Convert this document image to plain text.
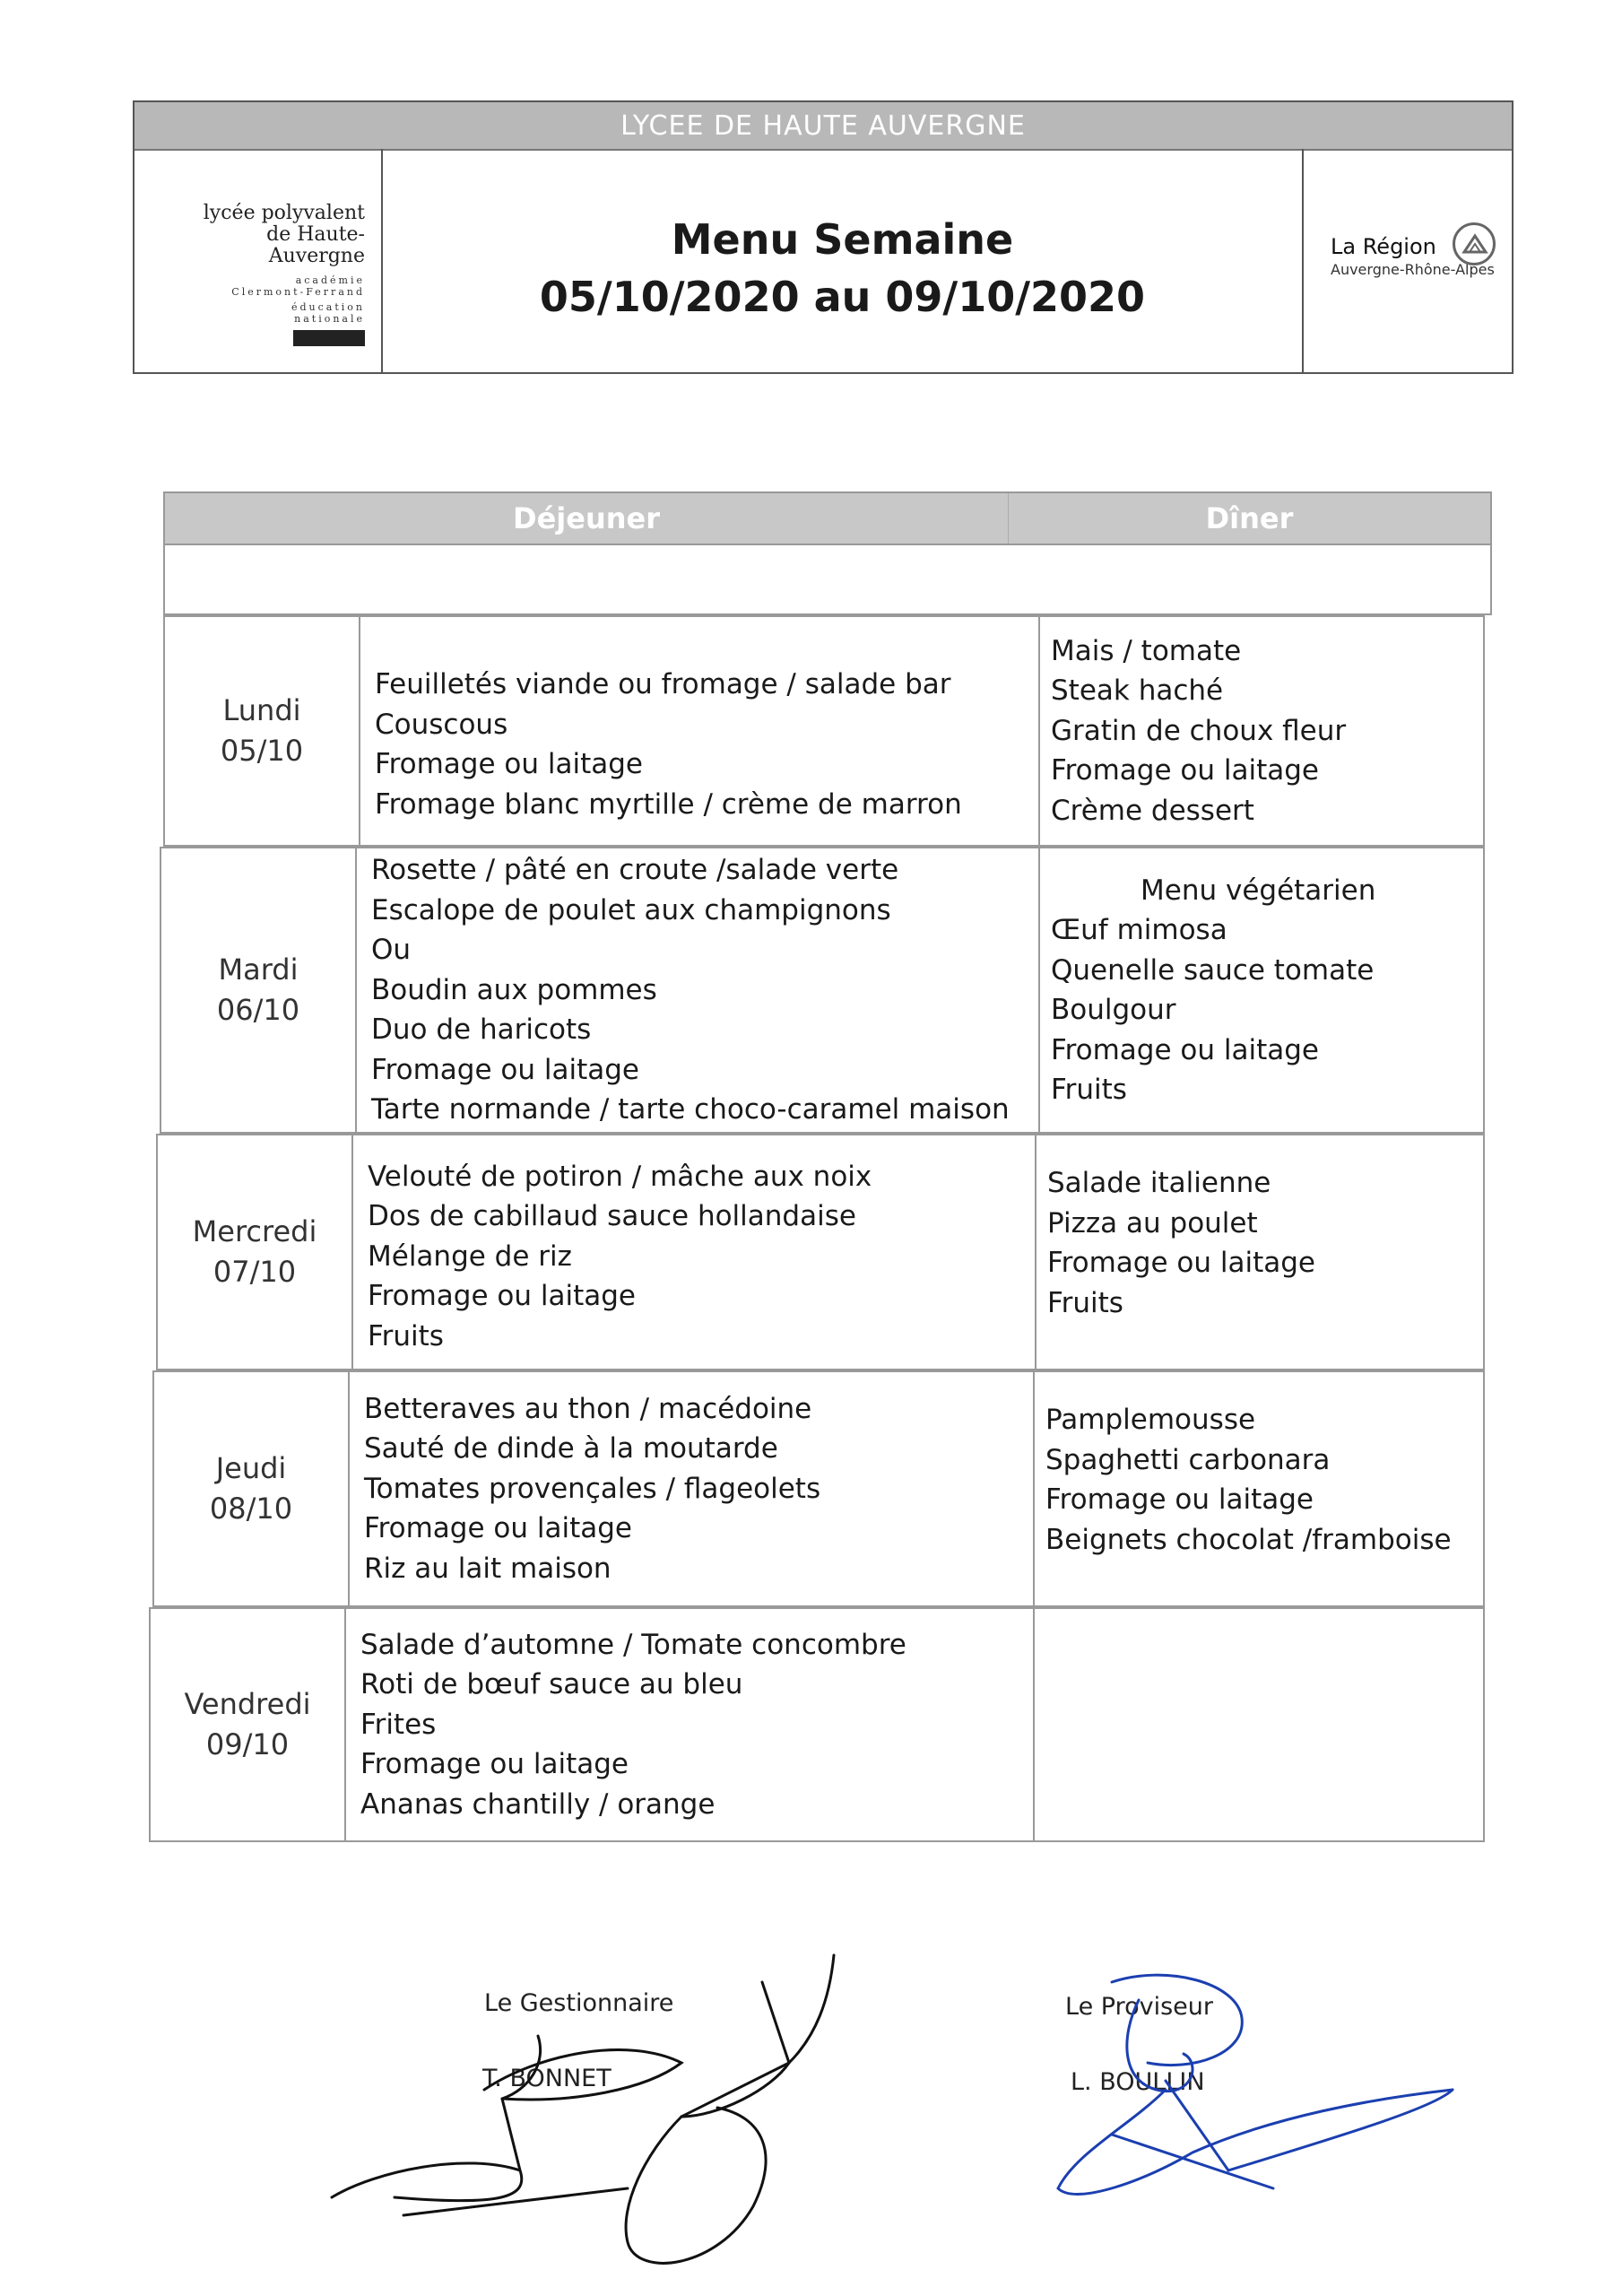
LYCEE DE HAUTE AUVERGNE
lycée polyvalent
de Haute-Auvergne
académie
Clermont-Ferrand
éducation
nationale
Menu Semaine
05/10/2020 au 09/10/2020
La Région
Auvergne-Rhône-Alpes
Déjeuner	Dîner
Lundi
05/10
Feuilletés viande ou fromage / salade bar
Couscous
Fromage ou laitage
Fromage blanc myrtille / crème de marron
Mais / tomate
Steak haché
Gratin de choux fleur
Fromage ou laitage
Crème dessert
Mardi
06/10
Rosette / pâté en croute /salade verte
Escalope de poulet aux champignons
Ou
Boudin aux pommes
Duo de haricots
Fromage ou laitage
Tarte normande / tarte choco-caramel maison
Menu végétarien
Œuf mimosa
Quenelle sauce tomate
Boulgour
Fromage ou laitage
Fruits
Mercredi
07/10
Velouté de potiron / mâche aux noix
Dos de cabillaud sauce hollandaise
Mélange de riz
Fromage ou laitage
Fruits
Salade italienne
Pizza au poulet
Fromage ou laitage
Fruits
Jeudi
08/10
Betteraves au thon / macédoine
Sauté de dinde à la moutarde
Tomates provençales / flageolets
Fromage ou laitage
Riz au lait maison
Pamplemousse
Spaghetti carbonara
Fromage ou laitage
Beignets chocolat /framboise
Vendredi
09/10
Salade d’automne / Tomate concombre
Roti de bœuf sauce au bleu
Frites
Fromage ou laitage
Ananas chantilly / orange
Le Gestionnaire
T. BONNET
Le Proviseur
L. BOULLIN
